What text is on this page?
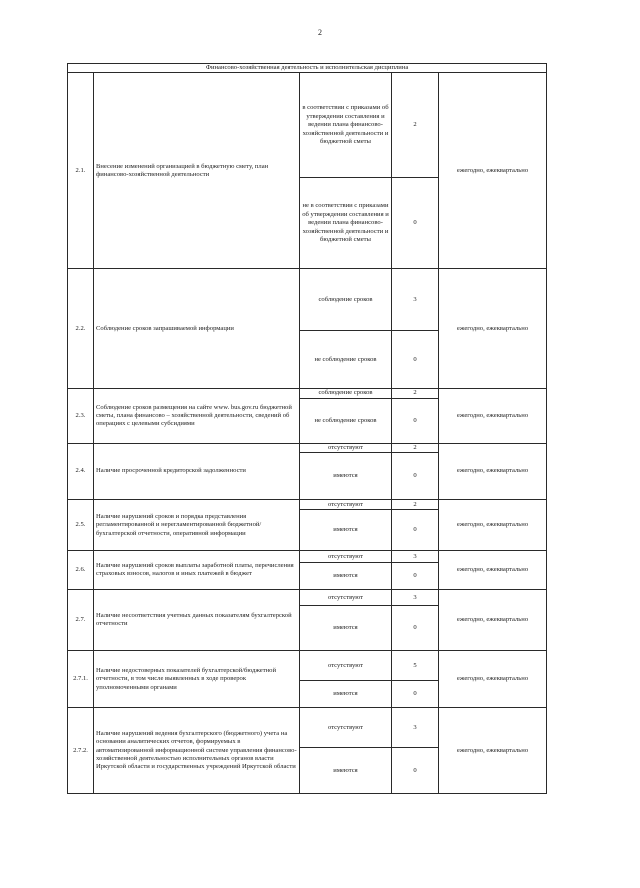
2
Финансово-хозяйственная деятельность и исполнительская дисциплина				
2.1.	Внесение изменений организацией в бюджетную смету, план финансово-хозяйственной деятельности	в соответствии с приказами об утверждении составления и ведении плана финансово-хозяйственной деятельности и бюджетной сметы	2	ежегодно, ежеквартально
		не в соответствии с приказами об утверждении составления и ведении плана финансово-хозяйственной деятельности и бюджетной сметы	0	
2.2.	Соблюдение сроков запрашиваемой информации	соблюдение сроков	3	ежегодно, ежеквартально
		не соблюдение сроков	0	
2.3.	Соблюдение сроков размещения на сайте www. bus.gov.ru бюджетной сметы, плана финансово – хозяйственной деятельности, сведений об операциях с целевыми субсидиями	соблюдение сроков	2	ежегодно, ежеквартально
		не соблюдение сроков	0	
2.4.	Наличие просроченной кредиторской задолженности	отсутствуют	2	ежегодно, ежеквартально
		имеются	0	
2.5.	Наличие нарушений сроков и порядка представления регламентированной и нерегламентированной бюджетной/бухгалтерской отчетности, оперативной информации	отсутствуют	2	ежегодно, ежеквартально
		имеются	0	
2.6.	Наличие нарушений сроков выплаты заработной платы, перечисления страховых взносов, налогов и иных платежей в бюджет	отсутствуют	3	ежегодно, ежеквартально
		имеются	0	
2.7.	Наличие несоответствия учетных данных показателям бухгалтерской отчетности	отсутствуют	3	ежегодно, ежеквартально
		имеются	0	
2.7.1.	Наличие недостоверных показателей бухгалтерской/бюджетной отчетности, в том числе выявленных в ходе проверок уполномоченными органами	отсутствуют	5	ежегодно, ежеквартально
		имеются	0	
2.7.2.	Наличие нарушений ведения бухгалтерского (бюджетного) учета на основании аналитических отчетов, формируемых в автоматизированной информационной системе управления финансово-хозяйственной деятельностью исполнительных органов власти Иркутской области и государственных учреждений Иркутской области	отсутствуют	3	ежегодно, ежеквартально
		имеются	0	
